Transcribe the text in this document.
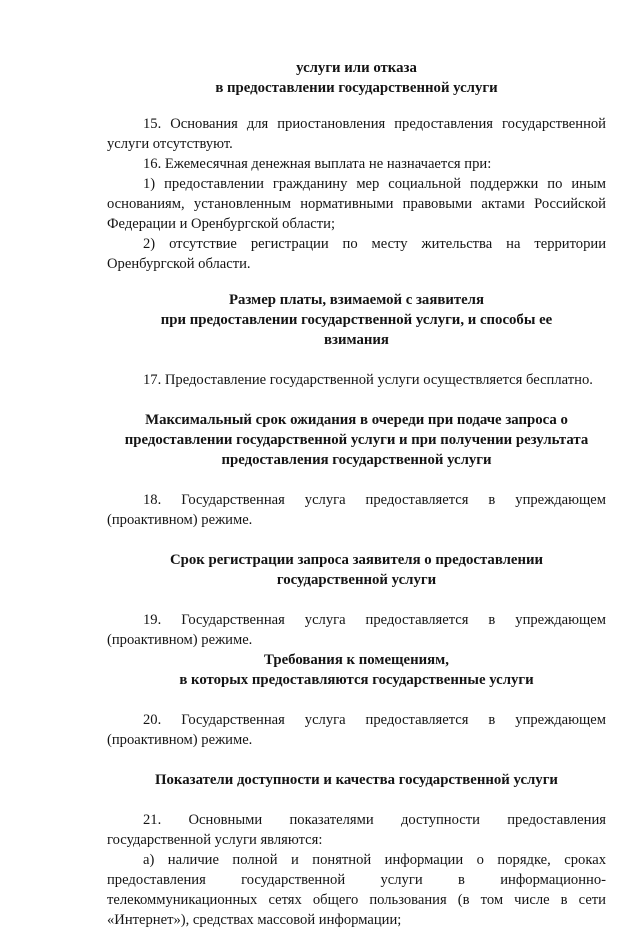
услуги или отказа
в предоставлении государственной услуги

15. Основания для приостановления предоставления государственной услуги отсутствуют.

16. Ежемесячная денежная выплата не назначается при:

1) предоставлении гражданину мер социальной поддержки по иным основаниям, установленным нормативными правовыми актами Российской Федерации и Оренбургской области;

2) отсутствие регистрации по месту жительства на территории Оренбургской области.

Размер платы, взимаемой с заявителя
при предоставлении государственной услуги, и способы ее
взимания

17. Предоставление государственной услуги осуществляется бесплатно.

Максимальный срок ожидания в очереди при подаче запроса о
предоставлении государственной услуги и при получении результата
предоставления государственной услуги

18. Государственная услуга предоставляется в упреждающем (проактивном) режиме.

Срок регистрации запроса заявителя о предоставлении
государственной услуги

19. Государственная услуга предоставляется в упреждающем (проактивном) режиме.

Требования к помещениям,
в которых предоставляются государственные услуги

20. Государственная услуга предоставляется в упреждающем (проактивном) режиме.

Показатели доступности и качества государственной услуги

21. Основными показателями доступности предоставления государственной услуги являются:

а) наличие полной и понятной информации о порядке, сроках предоставления государственной услуги в информационно-телекоммуникационных сетях общего пользования (в том числе в сети «Интернет»), средствах массовой информации;
